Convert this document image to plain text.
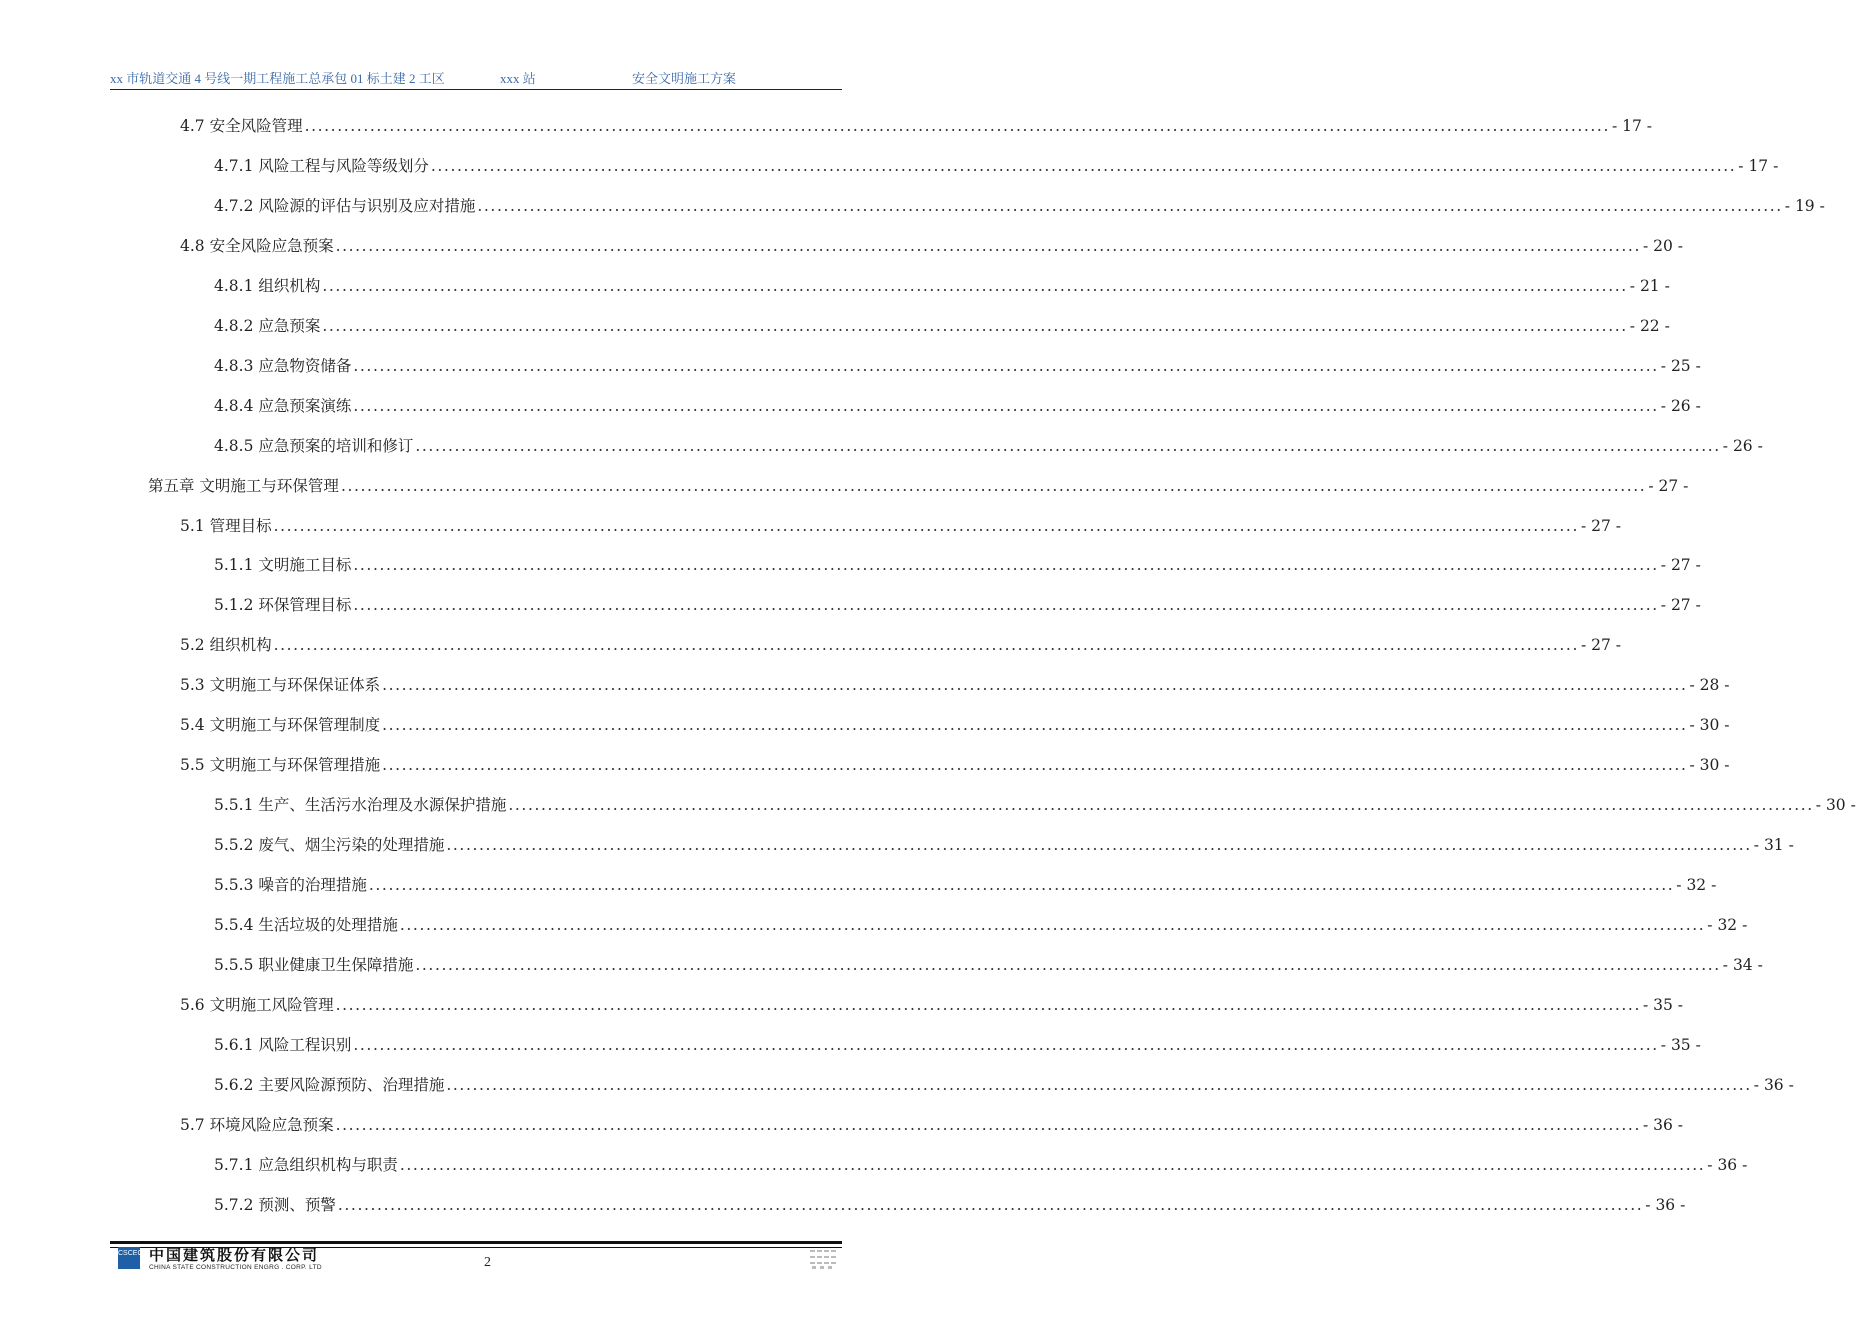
xx 市轨道交通 4 号线一期工程施工总承包 01 标土建 2 工区	xxx 站	安全文明施工方案
4.7 安全风险管理 ........................................................................................................................................................................................................ - 17 -
4.7.1 风险工程与风险等级划分 ........................................................................................................................................................................................................ - 17 -
4.7.2 风险源的评估与识别及应对措施 ........................................................................................................................................................................................................ - 19 -
4.8 安全风险应急预案 ........................................................................................................................................................................................................ - 20 -
4.8.1 组织机构 ........................................................................................................................................................................................................ - 21 -
4.8.2 应急预案 ........................................................................................................................................................................................................ - 22 -
4.8.3 应急物资储备 ........................................................................................................................................................................................................ - 25 -
4.8.4 应急预案演练 ........................................................................................................................................................................................................ - 26 -
4.8.5 应急预案的培训和修订 ........................................................................................................................................................................................................ - 26 -
第五章 文明施工与环保管理 ........................................................................................................................................................................................................ - 27 -
5.1 管理目标 ........................................................................................................................................................................................................ - 27 -
5.1.1 文明施工目标 ........................................................................................................................................................................................................ - 27 -
5.1.2 环保管理目标 ........................................................................................................................................................................................................ - 27 -
5.2 组织机构 ........................................................................................................................................................................................................ - 27 -
5.3 文明施工与环保保证体系 ........................................................................................................................................................................................................ - 28 -
5.4 文明施工与环保管理制度 ........................................................................................................................................................................................................ - 30 -
5.5 文明施工与环保管理措施 ........................................................................................................................................................................................................ - 30 -
5.5.1 生产、生活污水治理及水源保护措施 ........................................................................................................................................................................................................ - 30 -
5.5.2 废气、烟尘污染的处理措施 ........................................................................................................................................................................................................ - 31 -
5.5.3 噪音的治理措施 ........................................................................................................................................................................................................ - 32 -
5.5.4 生活垃圾的处理措施 ........................................................................................................................................................................................................ - 32 -
5.5.5 职业健康卫生保障措施 ........................................................................................................................................................................................................ - 34 -
5.6 文明施工风险管理 ........................................................................................................................................................................................................ - 35 -
5.6.1 风险工程识别 ........................................................................................................................................................................................................ - 35 -
5.6.2 主要风险源预防、治理措施 ........................................................................................................................................................................................................ - 36 -
5.7 环境风险应急预案 ........................................................................................................................................................................................................ - 36 -
5.7.1 应急组织机构与职责 ........................................................................................................................................................................................................ - 36 -
5.7.2 预测、预警 ........................................................................................................................................................................................................ - 36 -
CSCEC 中国建筑股份有限公司
CHINA STATE CONSTRUCTION ENGRG . CORP. LTD	2
